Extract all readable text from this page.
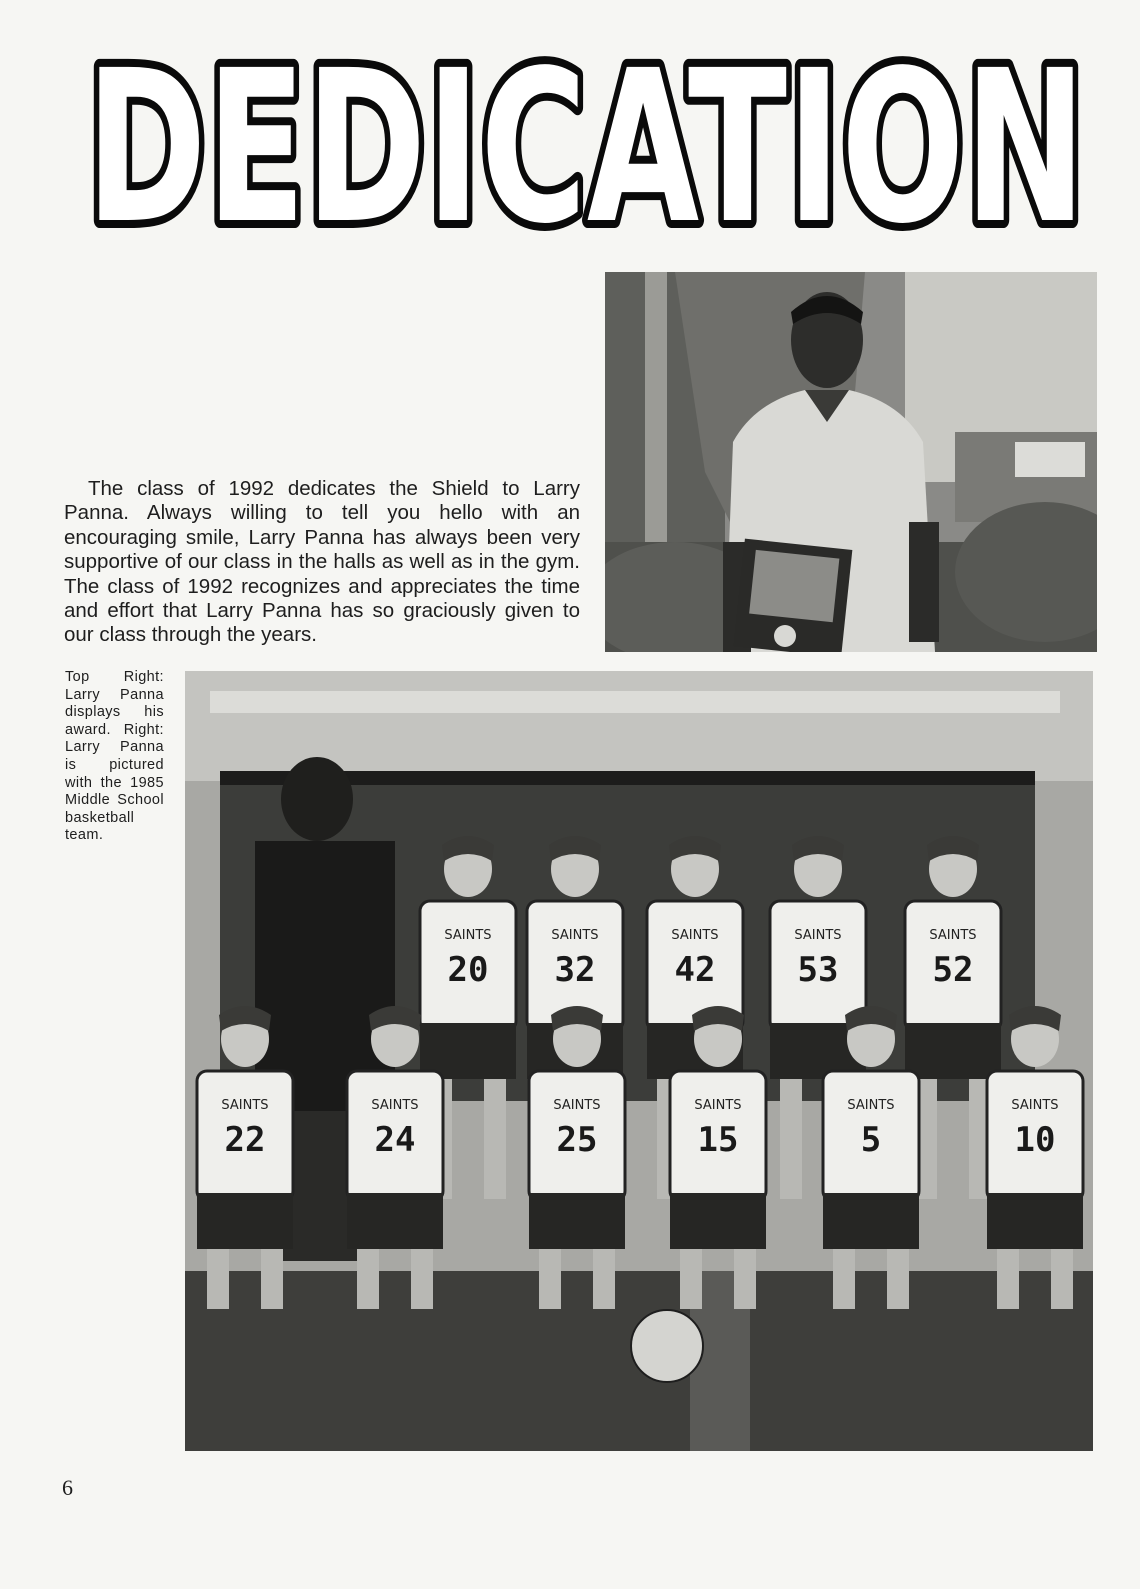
DEDICATION

The class of 1992 dedicates the Shield to Larry Panna. Always willing to tell you hello with an encouraging smile, Larry Panna has always been very supportive of our class in the halls as well as in the gym. The class of 1992 recognizes and appreciates the time and effort that Larry Panna has so graciously given to our class through the years.

Top Right: Larry Panna displays his award. Right: Larry Panna is pictured with the 1985 Middle School basketball team.

SAINTS
20
SAINTS
32
SAINTS
42
SAINTS
53
SAINTS
52
SAINTS
22
SAINTS
24
SAINTS
25
SAINTS
15
SAINTS
5
SAINTS
10
6
